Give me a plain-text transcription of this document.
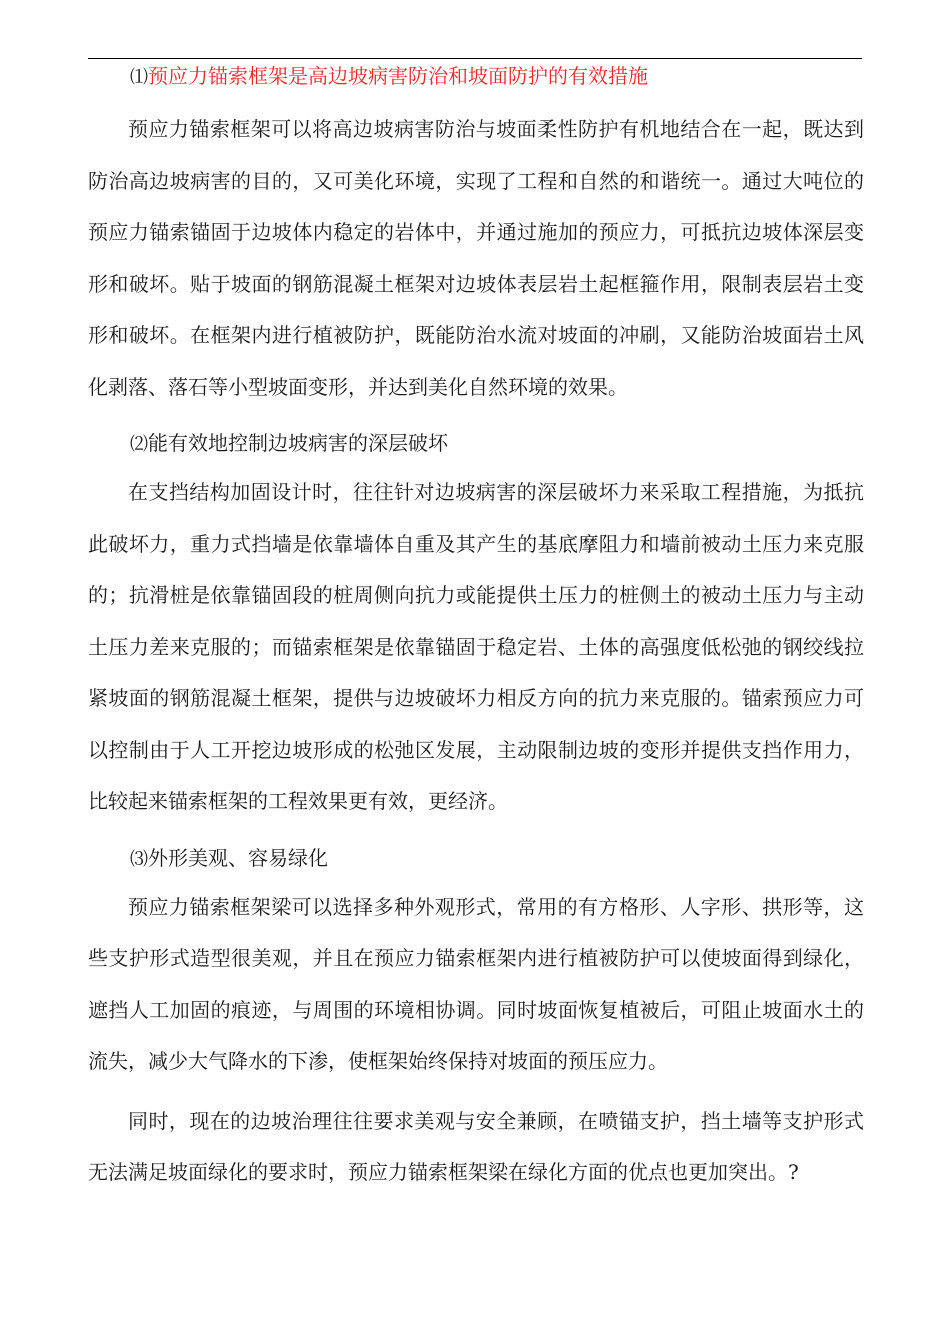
⑴预应力锚索框架是高边坡病害防治和坡面防护的有效措施

预应力锚索框架可以将高边坡病害防治与坡面柔性防护有机地结合在一起，既达到防治高边坡病害的目的，又可美化环境，实现了工程和自然的和谐统一。通过大吨位的预应力锚索锚固于边坡体内稳定的岩体中，并通过施加的预应力，可抵抗边坡体深层变形和破坏。贴于坡面的钢筋混凝土框架对边坡体表层岩土起框箍作用，限制表层岩土变形和破坏。在框架内进行植被防护，既能防治水流对坡面的冲刷，又能防治坡面岩土风化剥落、落石等小型坡面变形，并达到美化自然环境的效果。

⑵能有效地控制边坡病害的深层破坏

在支挡结构加固设计时，往往针对边坡病害的深层破坏力来采取工程措施，为抵抗此破坏力，重力式挡墙是依靠墙体自重及其产生的基底摩阻力和墙前被动土压力来克服的；抗滑桩是依靠锚固段的桩周侧向抗力或能提供土压力的桩侧土的被动土压力与主动土压力差来克服的；而锚索框架是依靠锚固于稳定岩、土体的高强度低松弛的钢绞线拉紧坡面的钢筋混凝土框架，提供与边坡破坏力相反方向的抗力来克服的。锚索预应力可以控制由于人工开挖边坡形成的松弛区发展，主动限制边坡的变形并提供支挡作用力，比较起来锚索框架的工程效果更有效，更经济。

⑶外形美观、容易绿化

预应力锚索框架梁可以选择多种外观形式，常用的有方格形、人字形、拱形等，这些支护形式造型很美观，并且在预应力锚索框架内进行植被防护可以使坡面得到绿化，遮挡人工加固的痕迹，与周围的环境相协调。同时坡面恢复植被后，可阻止坡面水土的流失，减少大气降水的下渗，使框架始终保持对坡面的预压应力。

同时，现在的边坡治理往往要求美观与安全兼顾，在喷锚支护，挡土墙等支护形式无法满足坡面绿化的要求时，预应力锚索框架梁在绿化方面的优点也更加突出。?
